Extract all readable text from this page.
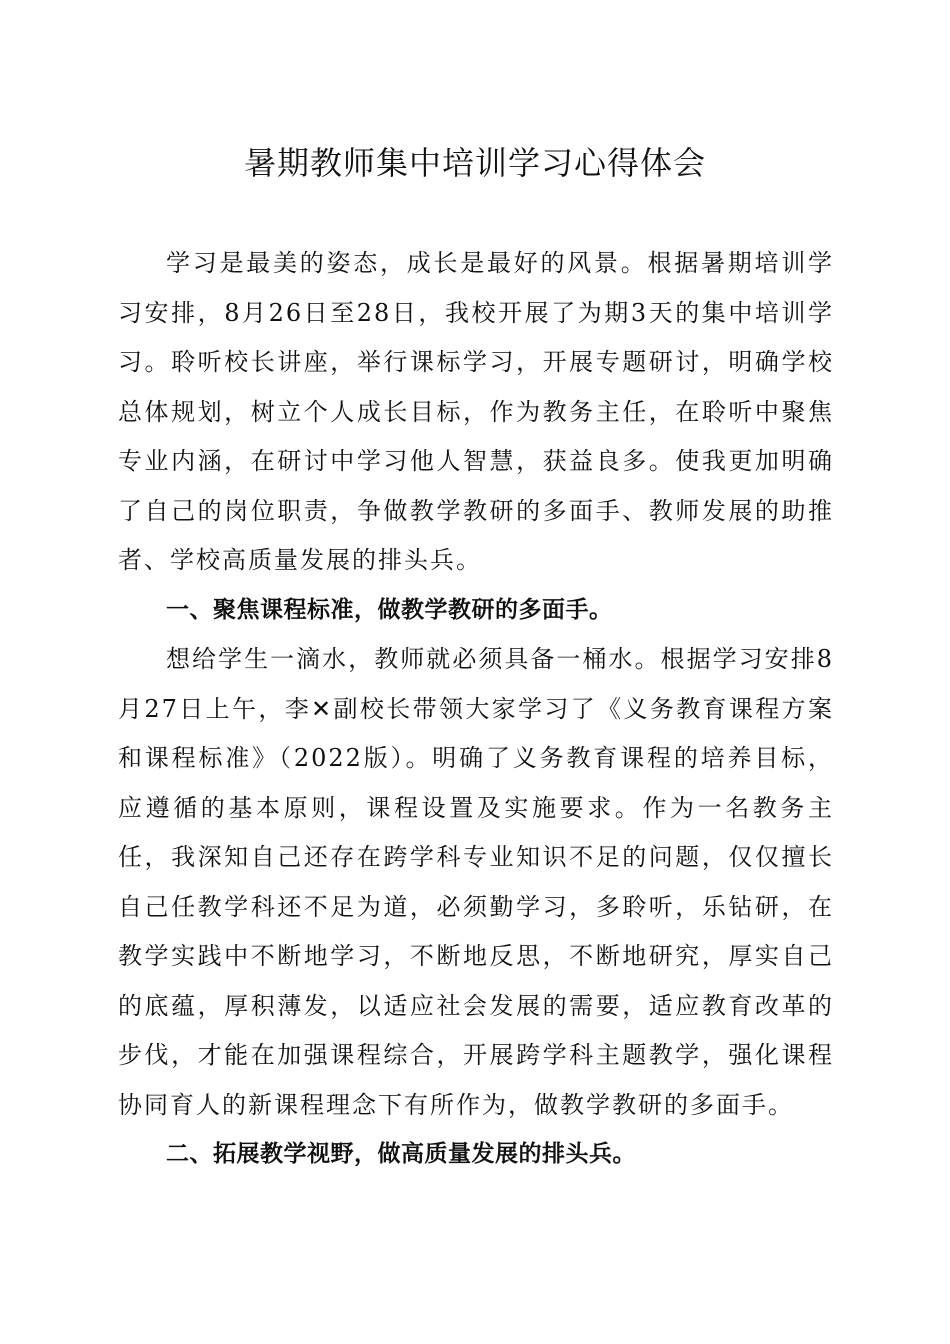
暑期教师集中培训学习心得体会

学习是最美的姿态，成长是最好的风景。根据暑期培训学习安排，8月26日至28日，我校开展了为期3天的集中培训学习。聆听校长讲座，举行课标学习，开展专题研讨，明确学校总体规划，树立个人成长目标，作为教务主任，在聆听中聚焦专业内涵，在研讨中学习他人智慧，获益良多。使我更加明确了自己的岗位职责，争做教学教研的多面手、教师发展的助推者、学校高质量发展的排头兵。

一、聚焦课程标准，做教学教研的多面手。

想给学生一滴水，教师就必须具备一桶水。根据学习安排8月27日上午，李✕副校长带领大家学习了《义务教育课程方案和课程标准》（2022版）。明确了义务教育课程的培养目标，应遵循的基本原则，课程设置及实施要求。作为一名教务主任，我深知自己还存在跨学科专业知识不足的问题，仅仅擅长自己任教学科还不足为道，必须勤学习，多聆听，乐钻研，在教学实践中不断地学习，不断地反思，不断地研究，厚实自己的底蕴，厚积薄发，以适应社会发展的需要，适应教育改革的步伐，才能在加强课程综合，开展跨学科主题教学，强化课程协同育人的新课程理念下有所作为，做教学教研的多面手。

二、拓展教学视野，做高质量发展的排头兵。
